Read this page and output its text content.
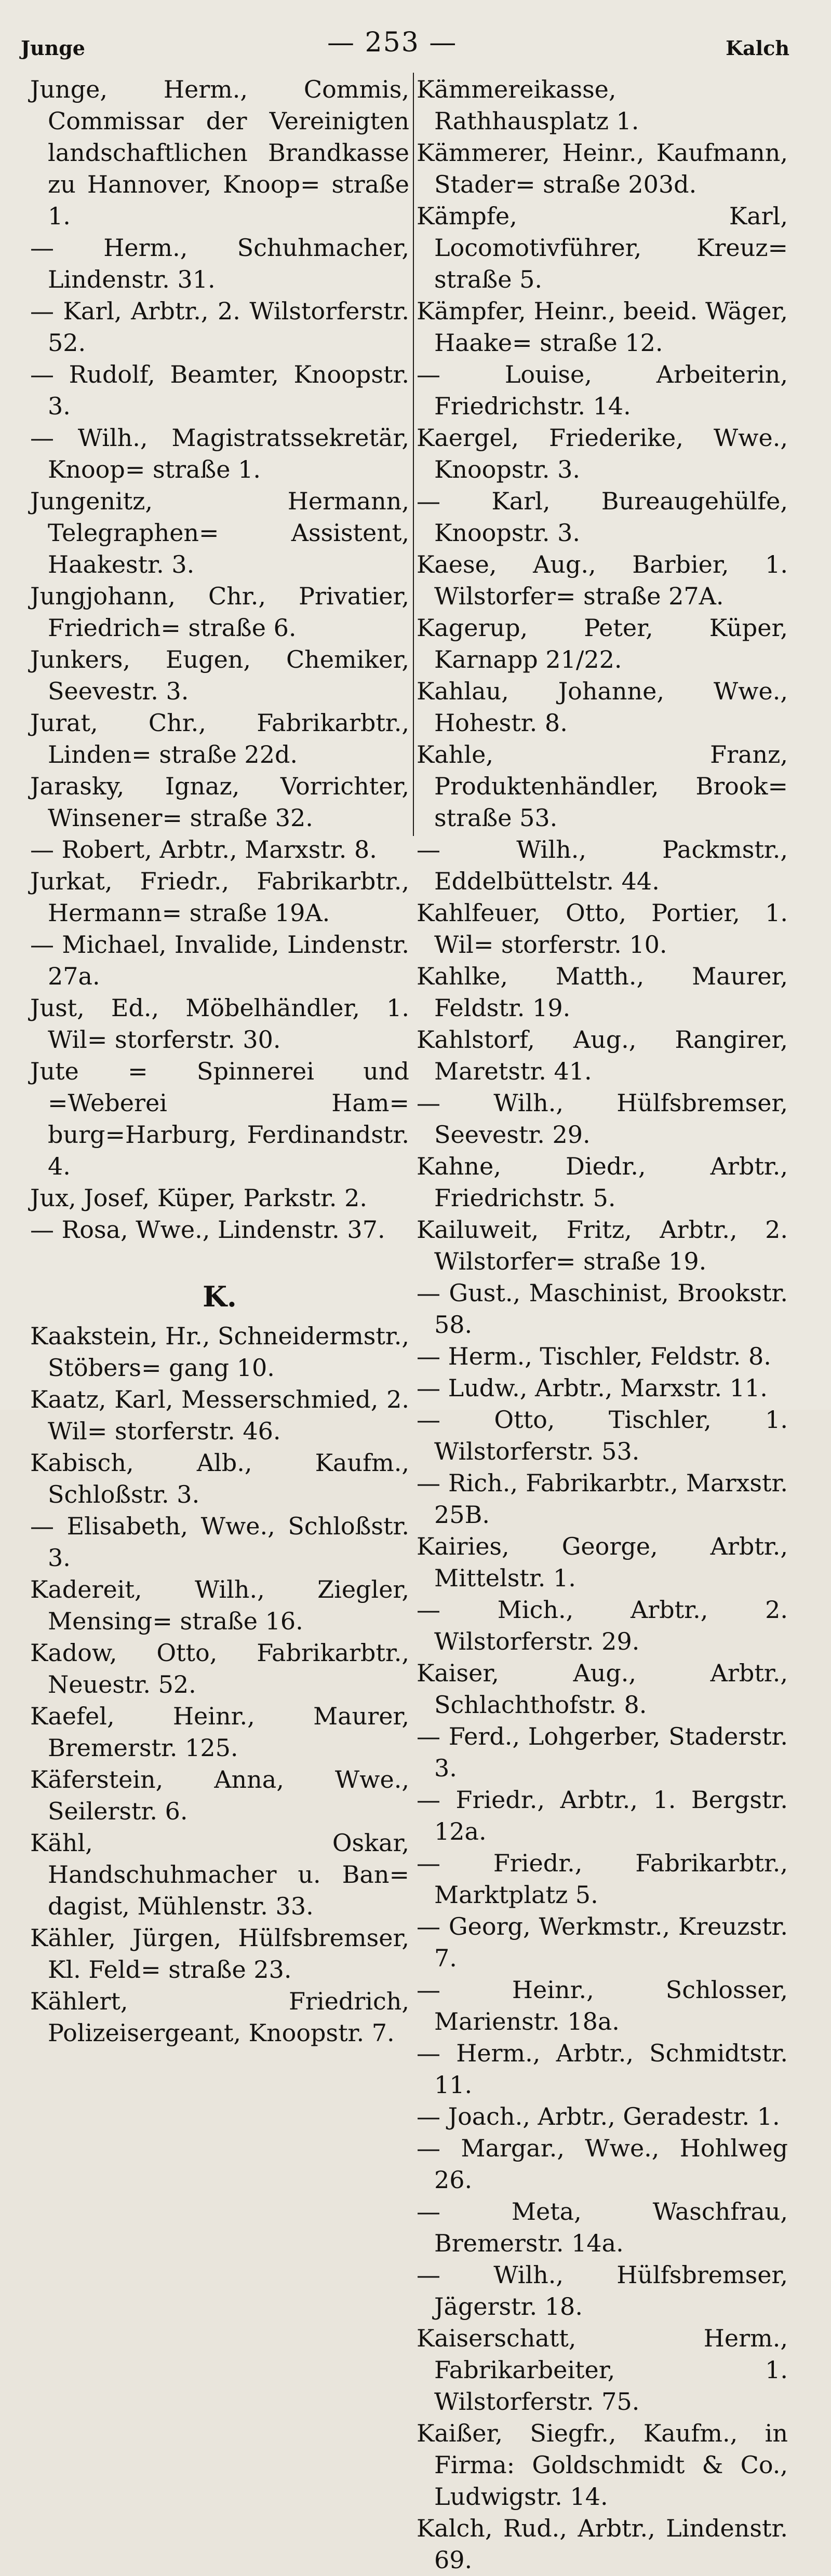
Junge	— 253 —	Kalch

Junge, Herm., Commis, Commissar der Vereinigten landschaftlichen Brandkasse zu Hannover, Knoop= straße 1.

— Herm., Schuhmacher, Lindenstr. 31.

— Karl, Arbtr., 2. Wilstorferstr. 52.

— Rudolf, Beamter, Knoopstr. 3.

— Wilh., Magistratssekretär, Knoop= straße 1.

Jungenitz, Hermann, Telegraphen= Assistent, Haakestr. 3.

Jungjohann, Chr., Privatier, Friedrich= straße 6.

Junkers, Eugen, Chemiker, Seevestr. 3.

Jurat, Chr., Fabrikarbtr., Linden= straße 22d.

Jarasky, Ignaz, Vorrichter, Winsener= straße 32.

— Robert, Arbtr., Marxstr. 8.

Jurkat, Friedr., Fabrikarbtr., Hermann= straße 19A.

— Michael, Invalide, Lindenstr. 27a.

Just, Ed., Möbelhändler, 1. Wil= storferstr. 30.

Jute = Spinnerei und =Weberei Ham= burg=Harburg, Ferdinandstr. 4.

Jux, Josef, Küper, Parkstr. 2.

— Rosa, Wwe., Lindenstr. 37.

K.

Kaakstein, Hr., Schneidermstr., Stöbers= gang 10.

Kaatz, Karl, Messerschmied, 2. Wil= storferstr. 46.

Kabisch, Alb., Kaufm., Schloßstr. 3.

— Elisabeth, Wwe., Schloßstr. 3.

Kadereit, Wilh., Ziegler, Mensing= straße 16.

Kadow, Otto, Fabrikarbtr., Neuestr. 52.

Kaefel, Heinr., Maurer, Bremerstr. 125.

Käferstein, Anna, Wwe., Seilerstr. 6.

Kähl, Oskar, Handschuhmacher u. Ban= dagist, Mühlenstr. 33.

Kähler, Jürgen, Hülfsbremser, Kl. Feld= straße 23.

Kählert, Friedrich, Polizeisergeant, Knoopstr. 7.

Kämmereikasse, Rathhausplatz 1.

Kämmerer, Heinr., Kaufmann, Stader= straße 203d.

Kämpfe, Karl, Locomotivführer, Kreuz= straße 5.

Kämpfer, Heinr., beeid. Wäger, Haake= straße 12.

— Louise, Arbeiterin, Friedrichstr. 14.

Kaergel, Friederike, Wwe., Knoopstr. 3.

— Karl, Bureaugehülfe, Knoopstr. 3.

Kaese, Aug., Barbier, 1. Wilstorfer= straße 27A.

Kagerup, Peter, Küper, Karnapp 21/22.

Kahlau, Johanne, Wwe., Hohestr. 8.

Kahle, Franz, Produktenhändler, Brook= straße 53.

— Wilh., Packmstr., Eddelbüttelstr. 44.

Kahlfeuer, Otto, Portier, 1. Wil= storferstr. 10.

Kahlke, Matth., Maurer, Feldstr. 19.

Kahlstorf, Aug., Rangirer, Maretstr. 41.

— Wilh., Hülfsbremser, Seevestr. 29.

Kahne, Diedr., Arbtr., Friedrichstr. 5.

Kailuweit, Fritz, Arbtr., 2. Wilstorfer= straße 19.

— Gust., Maschinist, Brookstr. 58.

— Herm., Tischler, Feldstr. 8.

— Ludw., Arbtr., Marxstr. 11.

— Otto, Tischler, 1. Wilstorferstr. 53.

— Rich., Fabrikarbtr., Marxstr. 25B.

Kairies, George, Arbtr., Mittelstr. 1.

— Mich., Arbtr., 2. Wilstorferstr. 29.

Kaiser, Aug., Arbtr., Schlachthofstr. 8.

— Ferd., Lohgerber, Staderstr. 3.

— Friedr., Arbtr., 1. Bergstr. 12a.

— Friedr., Fabrikarbtr., Marktplatz 5.

— Georg, Werkmstr., Kreuzstr. 7.

— Heinr., Schlosser, Marienstr. 18a.

— Herm., Arbtr., Schmidtstr. 11.

— Joach., Arbtr., Geradestr. 1.

— Margar., Wwe., Hohlweg 26.

— Meta, Waschfrau, Bremerstr. 14a.

— Wilh., Hülfsbremser, Jägerstr. 18.

Kaiserschatt, Herm., Fabrikarbeiter, 1. Wilstorferstr. 75.

Kaißer, Siegfr., Kaufm., in Firma: Goldschmidt & Co., Ludwigstr. 14.

Kalch, Rud., Arbtr., Lindenstr. 69.
